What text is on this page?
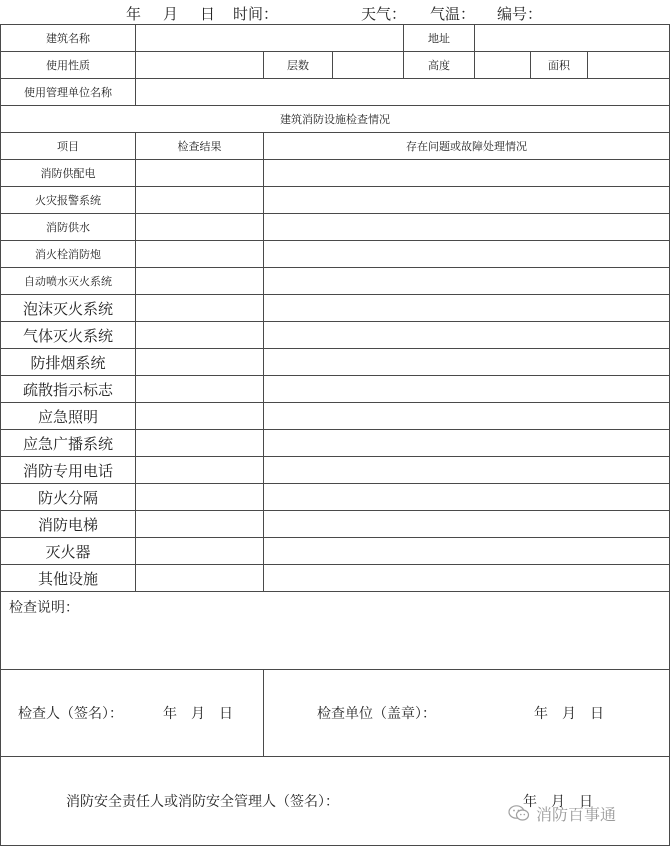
年 月 日 时间：	天气： 气温： 编号：
建筑名称	地址
使用性质	层数	高度	面积
使用管理单位名称
建筑消防设施检查情况
项目	检查结果	存在问题或故障处理情况
消防供配电
火灾报警系统
消防供水
消火栓消防炮
自动喷水灭火系统
泡沫灭火系统
气体灭火系统
防排烟系统
疏散指示标志
应急照明
应急广播系统
消防专用电话
防火分隔
消防电梯
灭火器
其他设施
检查说明：
检查人（签名）：	年　月　日	检查单位（盖章）：	年　月　日
消防安全责任人或消防安全管理人（签名）：	年　月　日
消防百事通
